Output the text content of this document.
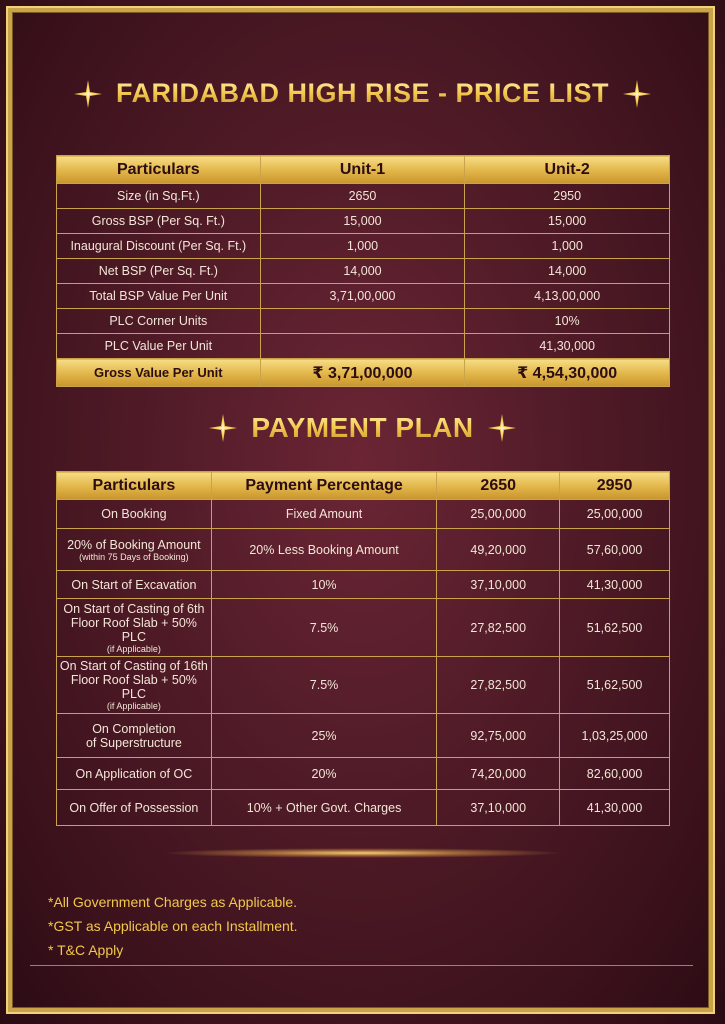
FARIDABAD HIGH RISE - PRICE LIST
Particulars	Unit-1	Unit-2
Size (in Sq.Ft.)	2650	2950
Gross BSP (Per Sq. Ft.)	15,000	15,000
Inaugural Discount (Per Sq. Ft.)	1,000	1,000
Net BSP (Per Sq. Ft.)	14,000	14,000
Total BSP Value Per Unit	3,71,00,000	4,13,00,000
PLC Corner Units		10%
PLC Value Per Unit		41,30,000
Gross Value Per Unit	₹ 3,71,00,000	₹ 4,54,30,000
PAYMENT PLAN
Particulars	Payment Percentage	2650	2950
On Booking	Fixed Amount	25,00,000	25,00,000
20% of Booking Amount
(within 75 Days of Booking)	20% Less Booking Amount	49,20,000	57,60,000
On Start of Excavation	10%	37,10,000	41,30,000
On Start of Casting of 6th
Floor Roof Slab + 50% PLC
(if Applicable)	7.5%	27,82,500	51,62,500
On Start of Casting of 16th
Floor Roof Slab + 50% PLC
(if Applicable)	7.5%	27,82,500	51,62,500
On Completion
of Superstructure	25%	92,75,000	1,03,25,000
On Application of OC	20%	74,20,000	82,60,000
On Offer of Possession	10% + Other Govt. Charges	37,10,000	41,30,000
*All Government Charges as Applicable.
*GST as Applicable on each Installment.
* T&C Apply
